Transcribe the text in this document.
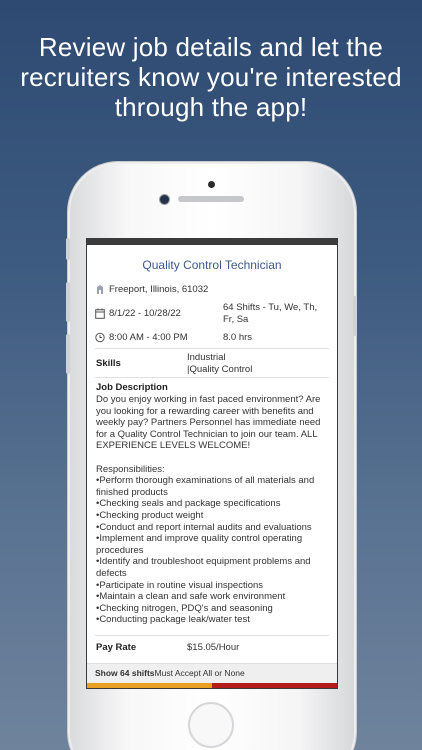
Review job details and let the
recruiters know you're interested
through the app!
Quality Control Technician
Freeport, Illinois, 61032
8/1/22 - 10/28/22
64 Shifts - Tu, We, Th,
Fr, Sa
8:00 AM - 4:00 PM	8.0 hrs
Skills
Industrial
|Quality Control
Job Description

Do you enjoy working in fast paced environment? Are

you looking for a rewarding career with benefits and

weekly pay? Partners Personnel has immediate need

for a Quality Control Technician to join our team. ALL

EXPERIENCE LEVELS WELCOME!

Responsibilities:

•Perform thorough examinations of all materials and

finished products

•Checking seals and package specifications

•Checking product weight

•Conduct and report internal audits and evaluations

•Implement and improve quality control operating

procedures

•Identify and troubleshoot equipment problems and

defects

•Participate in routine visual inspections

•Maintain a clean and safe work environment

•Checking nitrogen, PDQ's and seasoning

•Conducting package leak/water test

Pay Rate	$15.05/Hour
Show 64 shiftsMust Accept All or None
